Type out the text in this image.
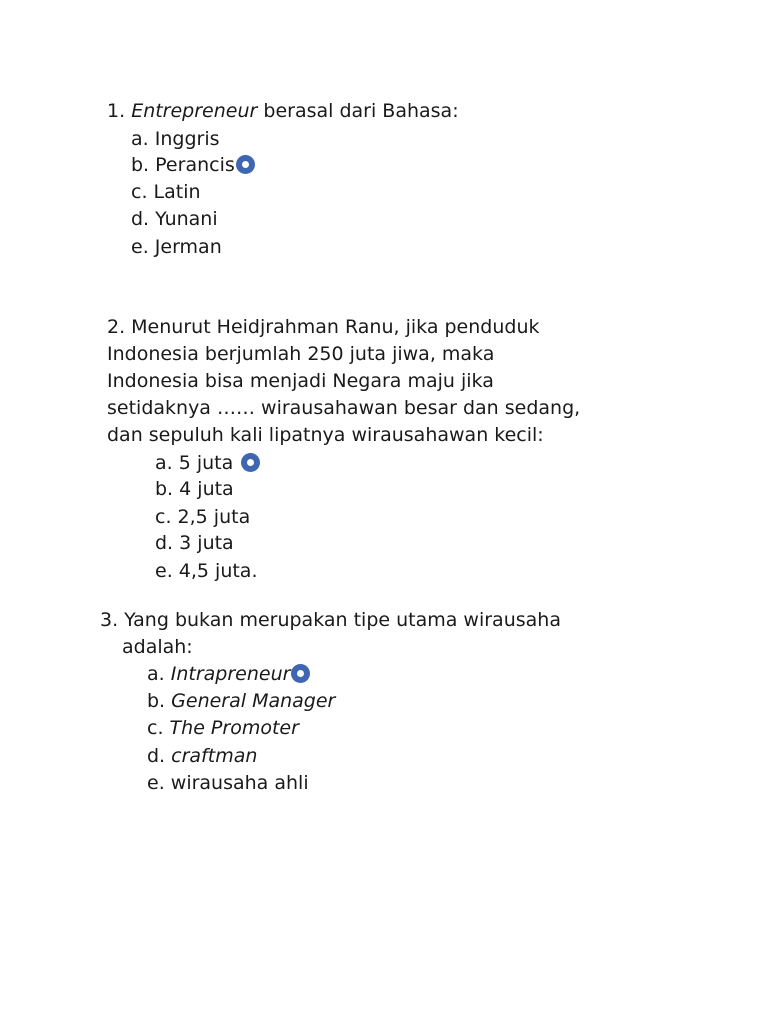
1. Entrepreneur berasal dari Bahasa:
a. Inggris
b. Perancis
c. Latin
d. Yunani
e. Jerman
2. Menurut Heidjrahman Ranu, jika penduduk
Indonesia berjumlah 250 juta jiwa, maka
Indonesia bisa menjadi Negara maju jika
setidaknya …… wirausahawan besar dan sedang,
dan sepuluh kali lipatnya wirausahawan kecil:
a. 5 juta
b. 4 juta
c. 2,5 juta
d. 3 juta
e. 4,5 juta.
3. Yang bukan merupakan tipe utama wirausaha
adalah:
a. Intrapreneur
b. General Manager
c. The Promoter
d. craftman
e. wirausaha ahli
